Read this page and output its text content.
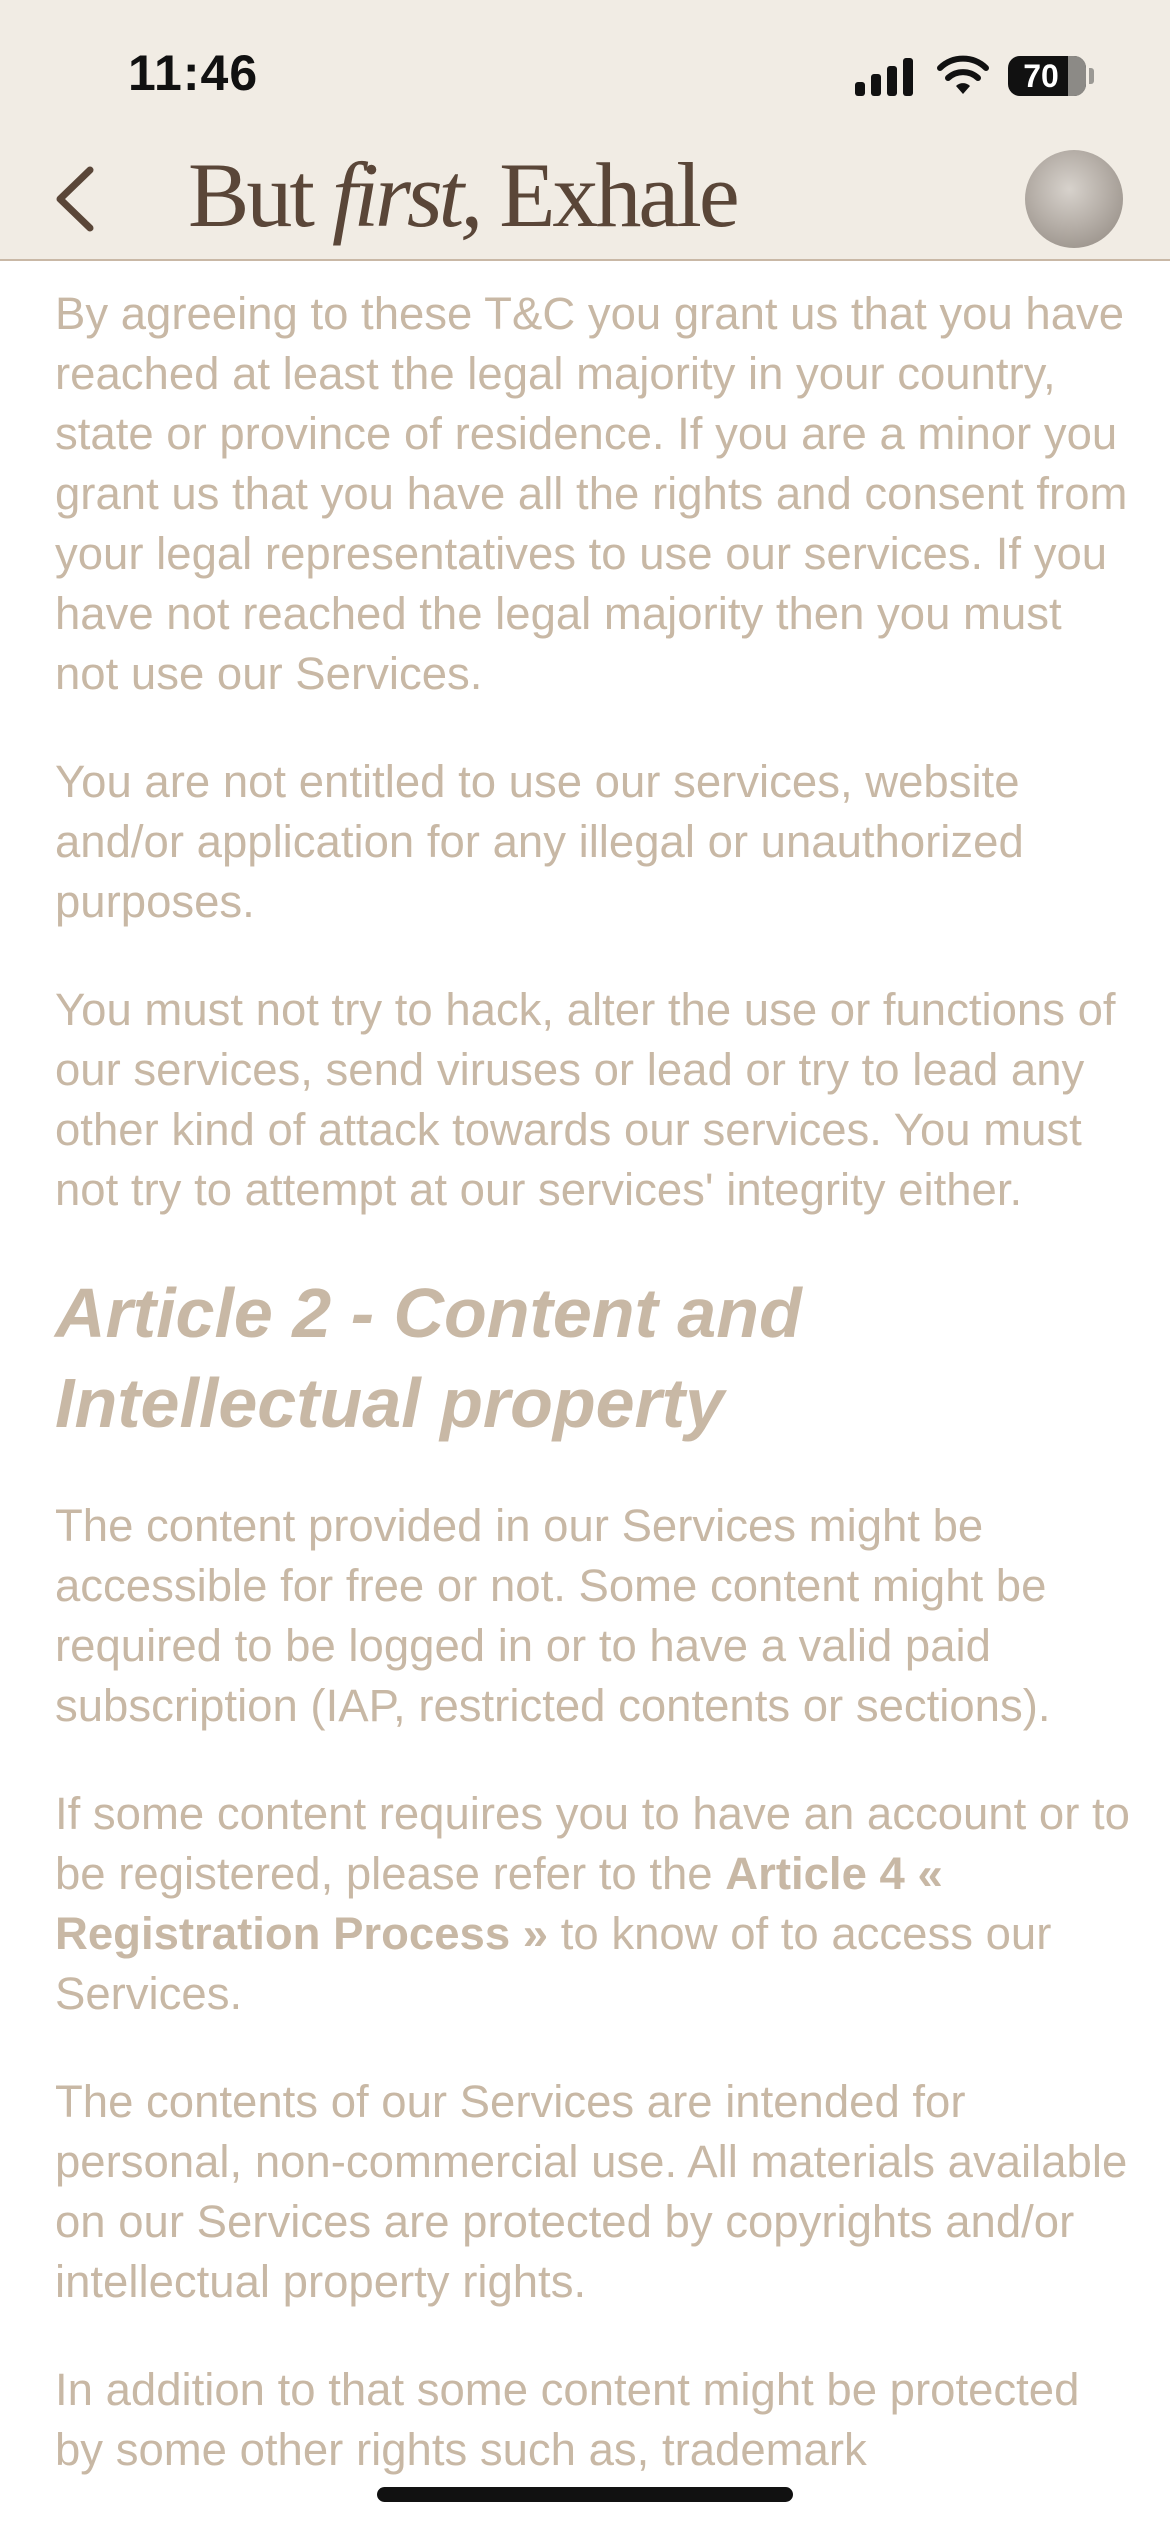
11:46	70
But first, Exhale

By agreeing to these T&C you grant us that you have reached at least the legal majority in your country, state or province of residence. If you are a minor you grant us that you have all the rights and consent from your legal representatives to use our services. If you have not reached the legal majority then you must not use our Services.

You are not entitled to use our services, website and/or application for any illegal or unauthorized purposes.

You must not try to hack, alter the use or functions of our services, send viruses or lead or try to lead any other kind of attack towards our services. You must not try to attempt at our services' integrity either.

Article 2 - Content and Intellectual property

The content provided in our Services might be accessible for free or not. Some content might be required to be logged in or to have a valid paid subscription (IAP, restricted contents or sections).

If some content requires you to have an account or to be registered, please refer to the Article 4 « Registration Process » to know of to access our Services.

The contents of our Services are intended for personal, non-commercial use. All materials available on our Services are protected by copyrights and/or intellectual property rights.

In addition to that some content might be protected by some other rights such as, trademark
